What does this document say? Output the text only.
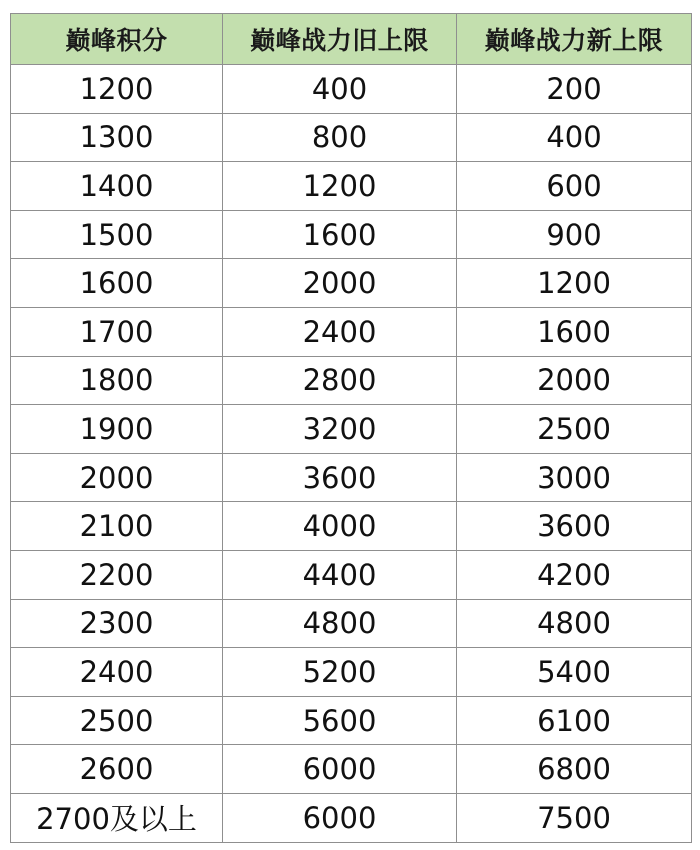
巅峰积分	巅峰战力旧上限	巅峰战力新上限
1200	400	200
1300	800	400
1400	1200	600
1500	1600	900
1600	2000	1200
1700	2400	1600
1800	2800	2000
1900	3200	2500
2000	3600	3000
2100	4000	3600
2200	4400	4200
2300	4800	4800
2400	5200	5400
2500	5600	6100
2600	6000	6800
2700及以上	6000	7500
